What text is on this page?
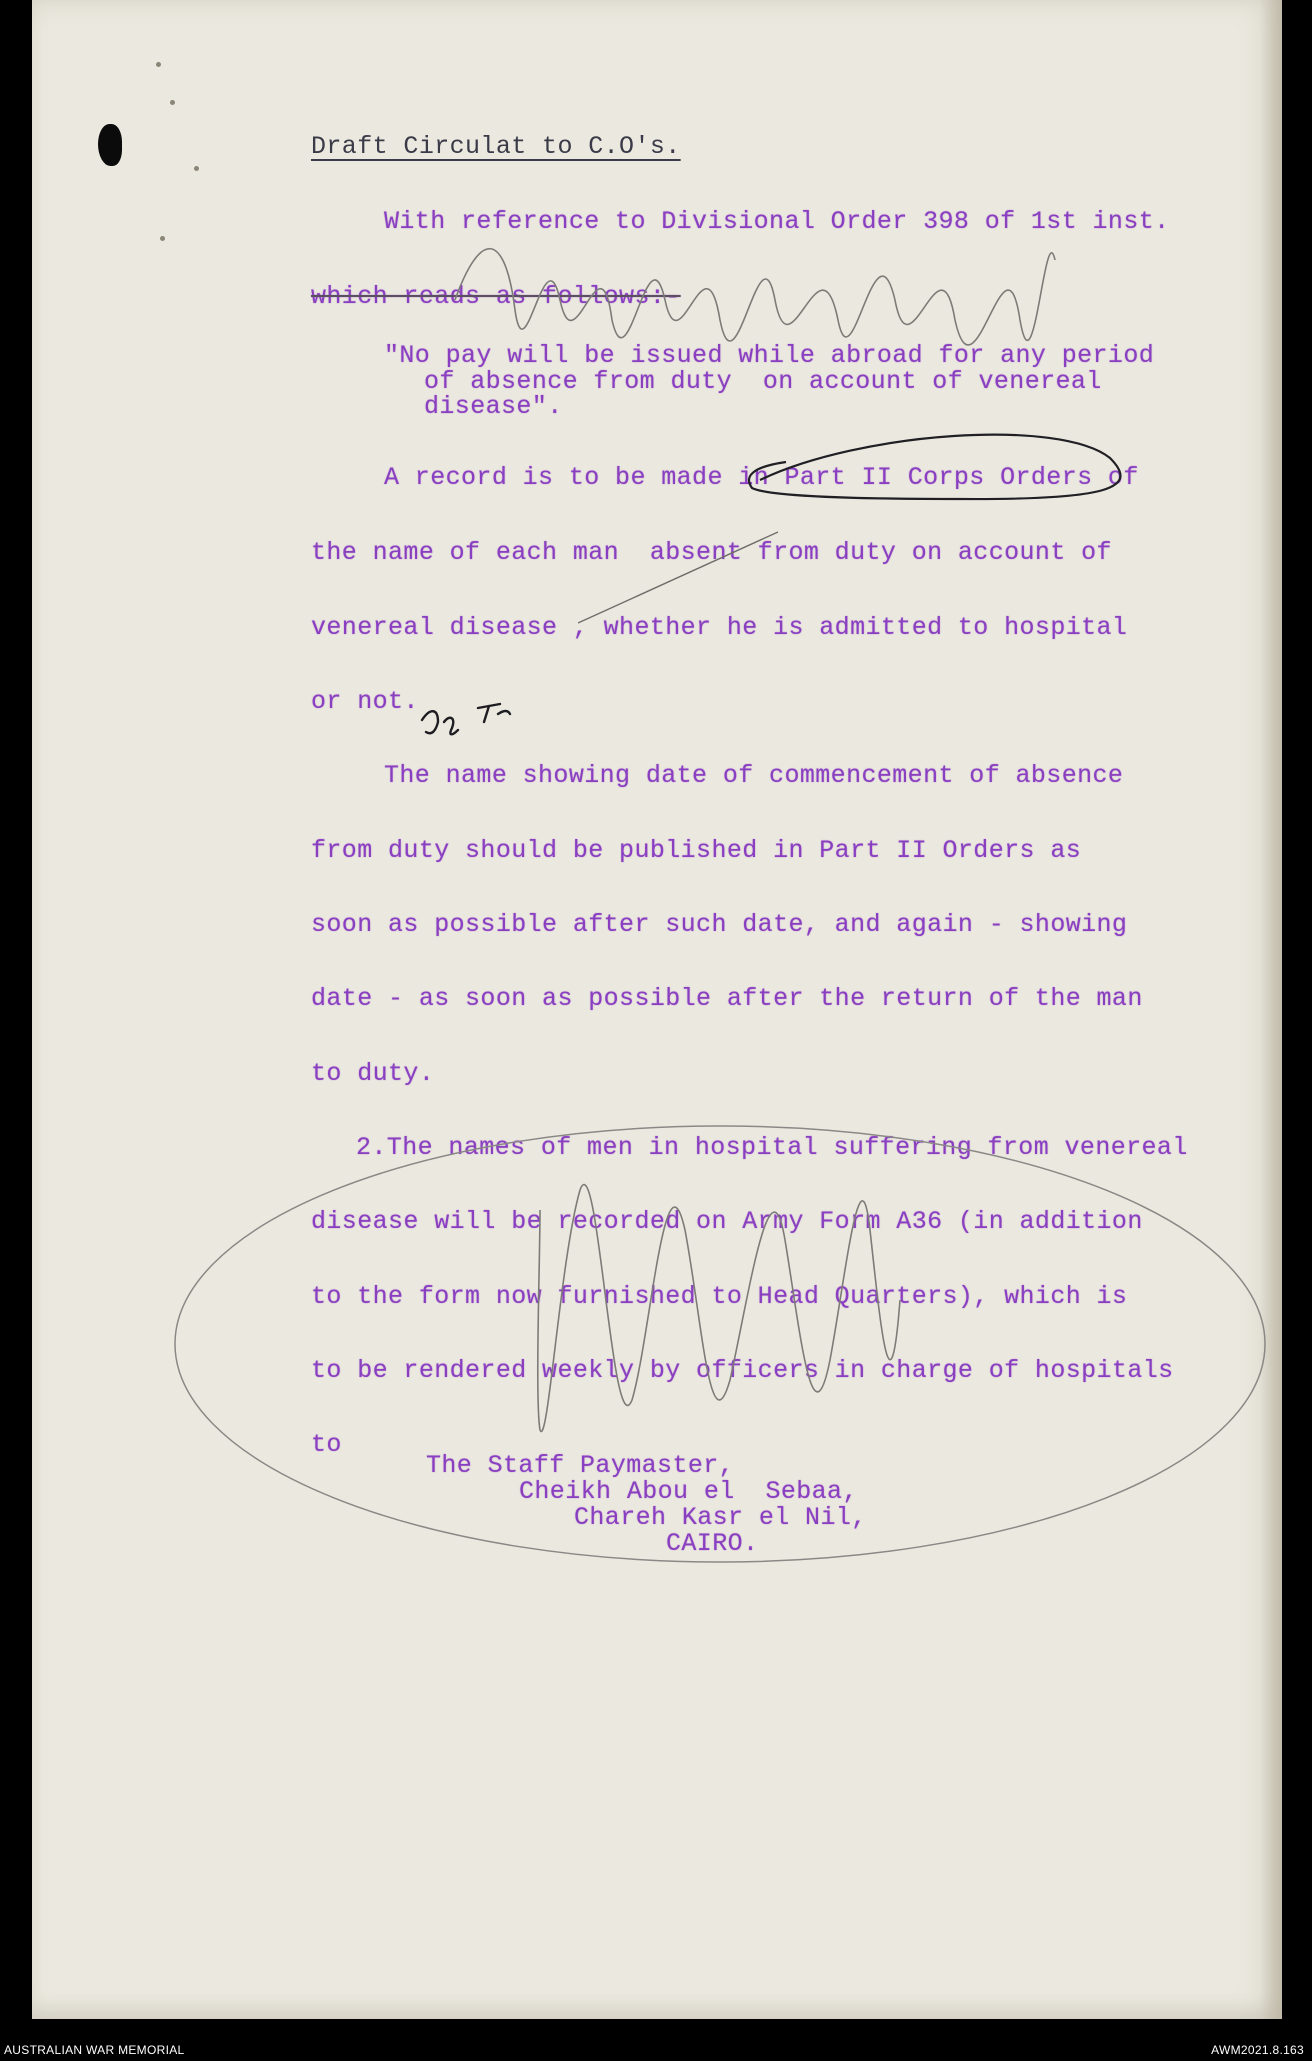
Draft Circulat to C.O's.

With reference to Divisional Order 398 of 1st inst.

which reads as follows:-

"No pay will be issued while abroad for any period

of absence from duty  on account of venereal

disease".

A record is to be made in Part II Corps Orders of

the name of each man  absent from duty on account of

venereal disease , whether he is admitted to hospital

or not.

The name showing date of commencement of absence

from duty should be published in Part II Orders as

soon as possible after such date, and again - showing

date - as soon as possible after the return of the man

to duty.

2.The names of men in hospital suffering from venereal

disease will be recorded on Army Form A36 (in addition

to the form now furnished to Head Quarters), which is

to be rendered weekly by officers in charge of hospitals

to

The Staff Paymaster,

Cheikh Abou el  Sebaa,

Chareh Kasr el Nil,

CAIRO.

AUSTRALIAN WAR MEMORIAL	AWM2021.8.163
